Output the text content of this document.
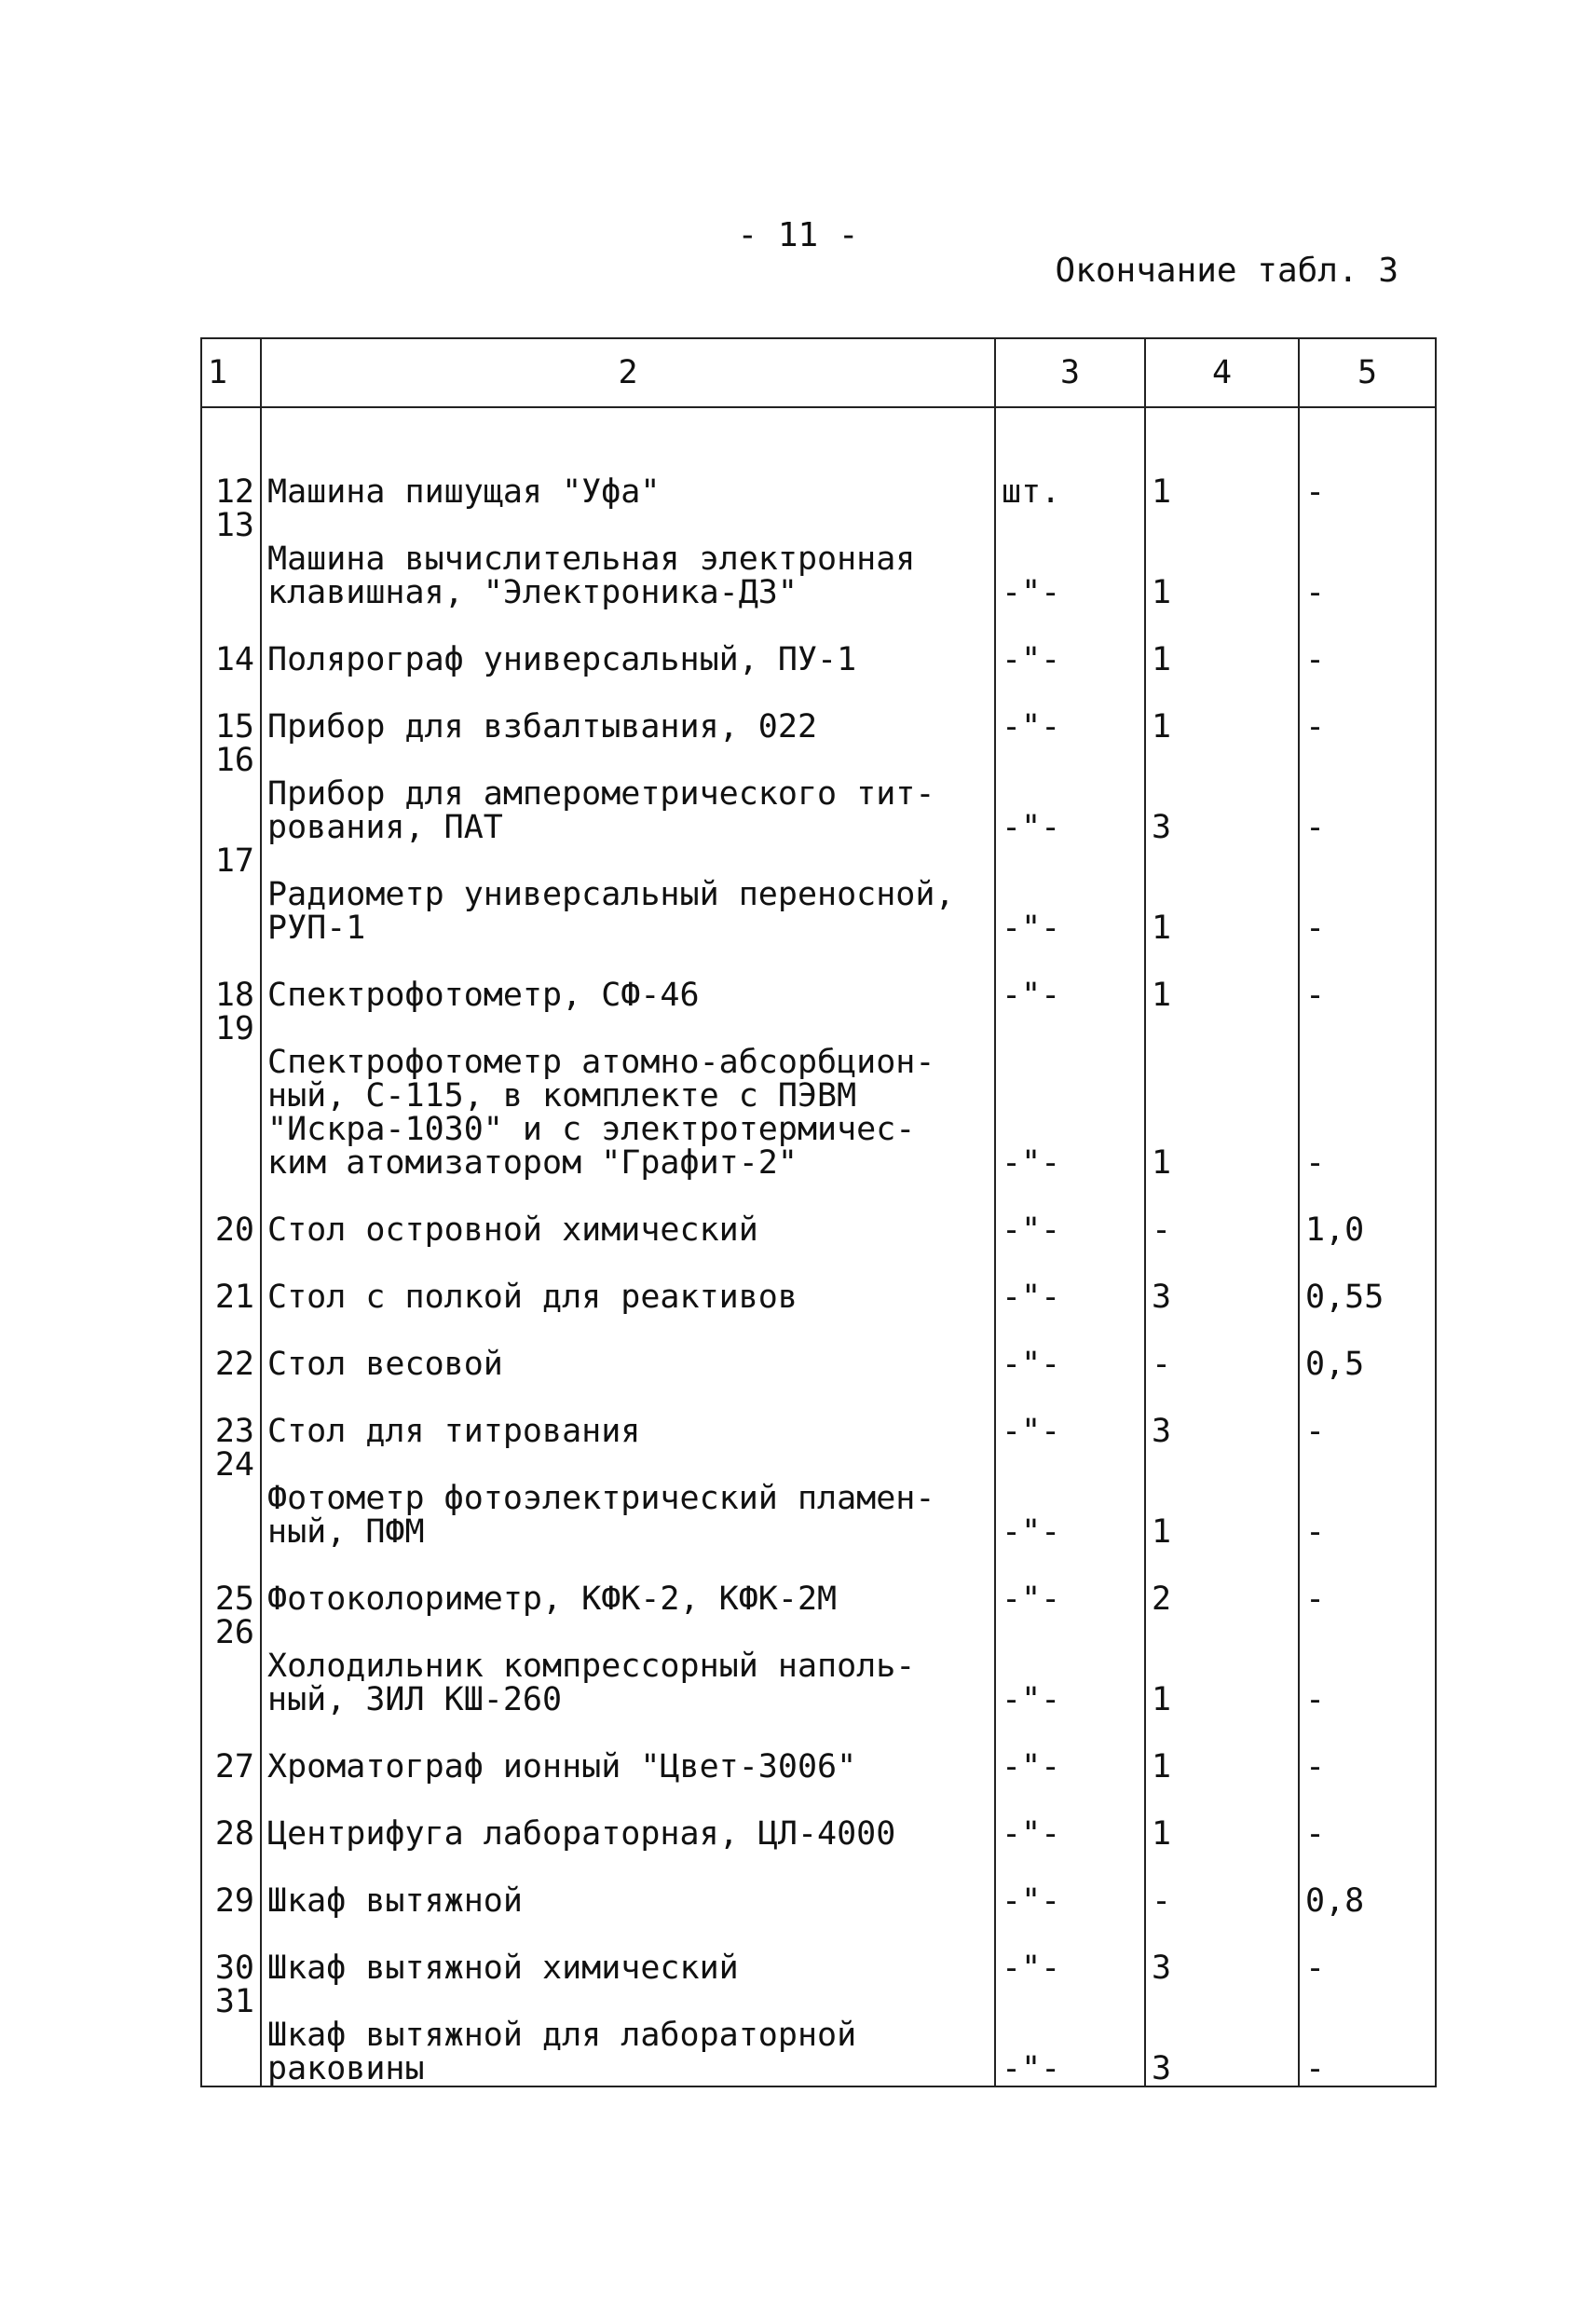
- 11 -
Окончание табл. 3
1	2	3	4	5

12	Машина пишущая "Уфа"	шт.	1	-
13	Машина вычислительная электронная
клавишная, "Электроника-ДЗ"	-"-	1	-
14	Полярограф универсальный, ПУ-1	-"-	1	-
15	Прибор для взбалтывания, 022	-"-	1	-
16	Прибор для амперометрического тит-
рования, ПАТ	-"-	3	-
17	Радиометр универсальный переносной,
РУП-1	-"-	1	-
18	Спектрофотометр, СФ-46	-"-	1	-
19	Спектрофотометр атомно-абсорбцион-
ный, С-115, в комплекте с ПЭВМ
"Искра-1030" и с электротермичес-
ким атомизатором "Графит-2"	-"-	1	-
20	Стол островной химический	-"-	-	1,0
21	Стол с полкой для реактивов	-"-	3	0,55
22	Стол весовой	-"-	-	0,5
23	Стол для титрования	-"-	3	-
24	Фотометр фотоэлектрический пламен-
ный, ПФМ	-"-	1	-
25	Фотоколориметр, КФК-2, КФК-2М	-"-	2	-
26	Холодильник компрессорный наполь-
ный, ЗИЛ КШ-260	-"-	1	-
27	Хроматограф ионный "Цвет-3006"	-"-	1	-
28	Центрифуга лабораторная, ЦЛ-4000	-"-	1	-
29	Шкаф вытяжной	-"-	-	0,8
30	Шкаф вытяжной химический	-"-	3	-
31	Шкаф вытяжной для лабораторной
раковины	-"-	3	-
